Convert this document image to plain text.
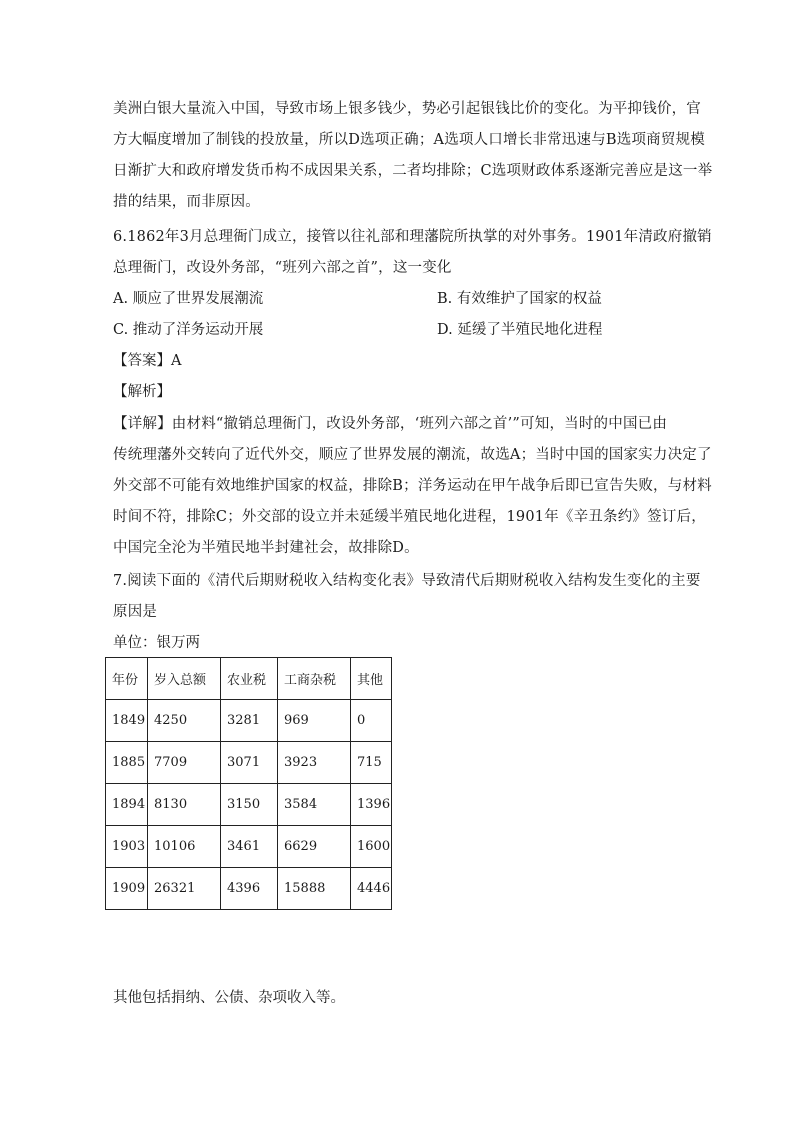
美洲白银大量流入中国，导致市场上银多钱少，势必引起银钱比价的变化。为平抑钱价，官
方大幅度增加了制钱的投放量，所以D选项正确；A选项人口增长非常迅速与B选项商贸规模
日渐扩大和政府增发货币构不成因果关系，二者均排除；C选项财政体系逐渐完善应是这一举
措的结果，而非原因。
6.1862年3月总理衙门成立，接管以往礼部和理藩院所执掌的对外事务。1901年清政府撤销
总理衙门，改设外务部，“班列六部之首”，这一变化
A. 顺应了世界发展潮流	B. 有效维护了国家的权益
C. 推动了洋务运动开展	D. 延缓了半殖民地化进程
【答案】A
【解析】
【详解】由材料“撤销总理衙门，改设外务部，‘班列六部之首’”可知，当时的中国已由
传统理藩外交转向了近代外交，顺应了世界发展的潮流，故选A；当时中国的国家实力决定了
外交部不可能有效地维护国家的权益，排除B；洋务运动在甲午战争后即已宣告失败，与材料
时间不符，排除C；外交部的设立并未延缓半殖民地化进程，1901年《辛丑条约》签订后，
中国完全沦为半殖民地半封建社会，故排除D。
7.阅读下面的《清代后期财税收入结构变化表》导致清代后期财税收入结构发生变化的主要
原因是
单位：银万两
年份	岁入总额	农业税	工商杂税	其他
1849	4250	3281	969	0
1885	7709	3071	3923	715
1894	8130	3150	3584	1396
1903	10106	3461	6629	1600
1909	26321	4396	15888	4446
其他包括捐纳、公债、杂项收入等。
